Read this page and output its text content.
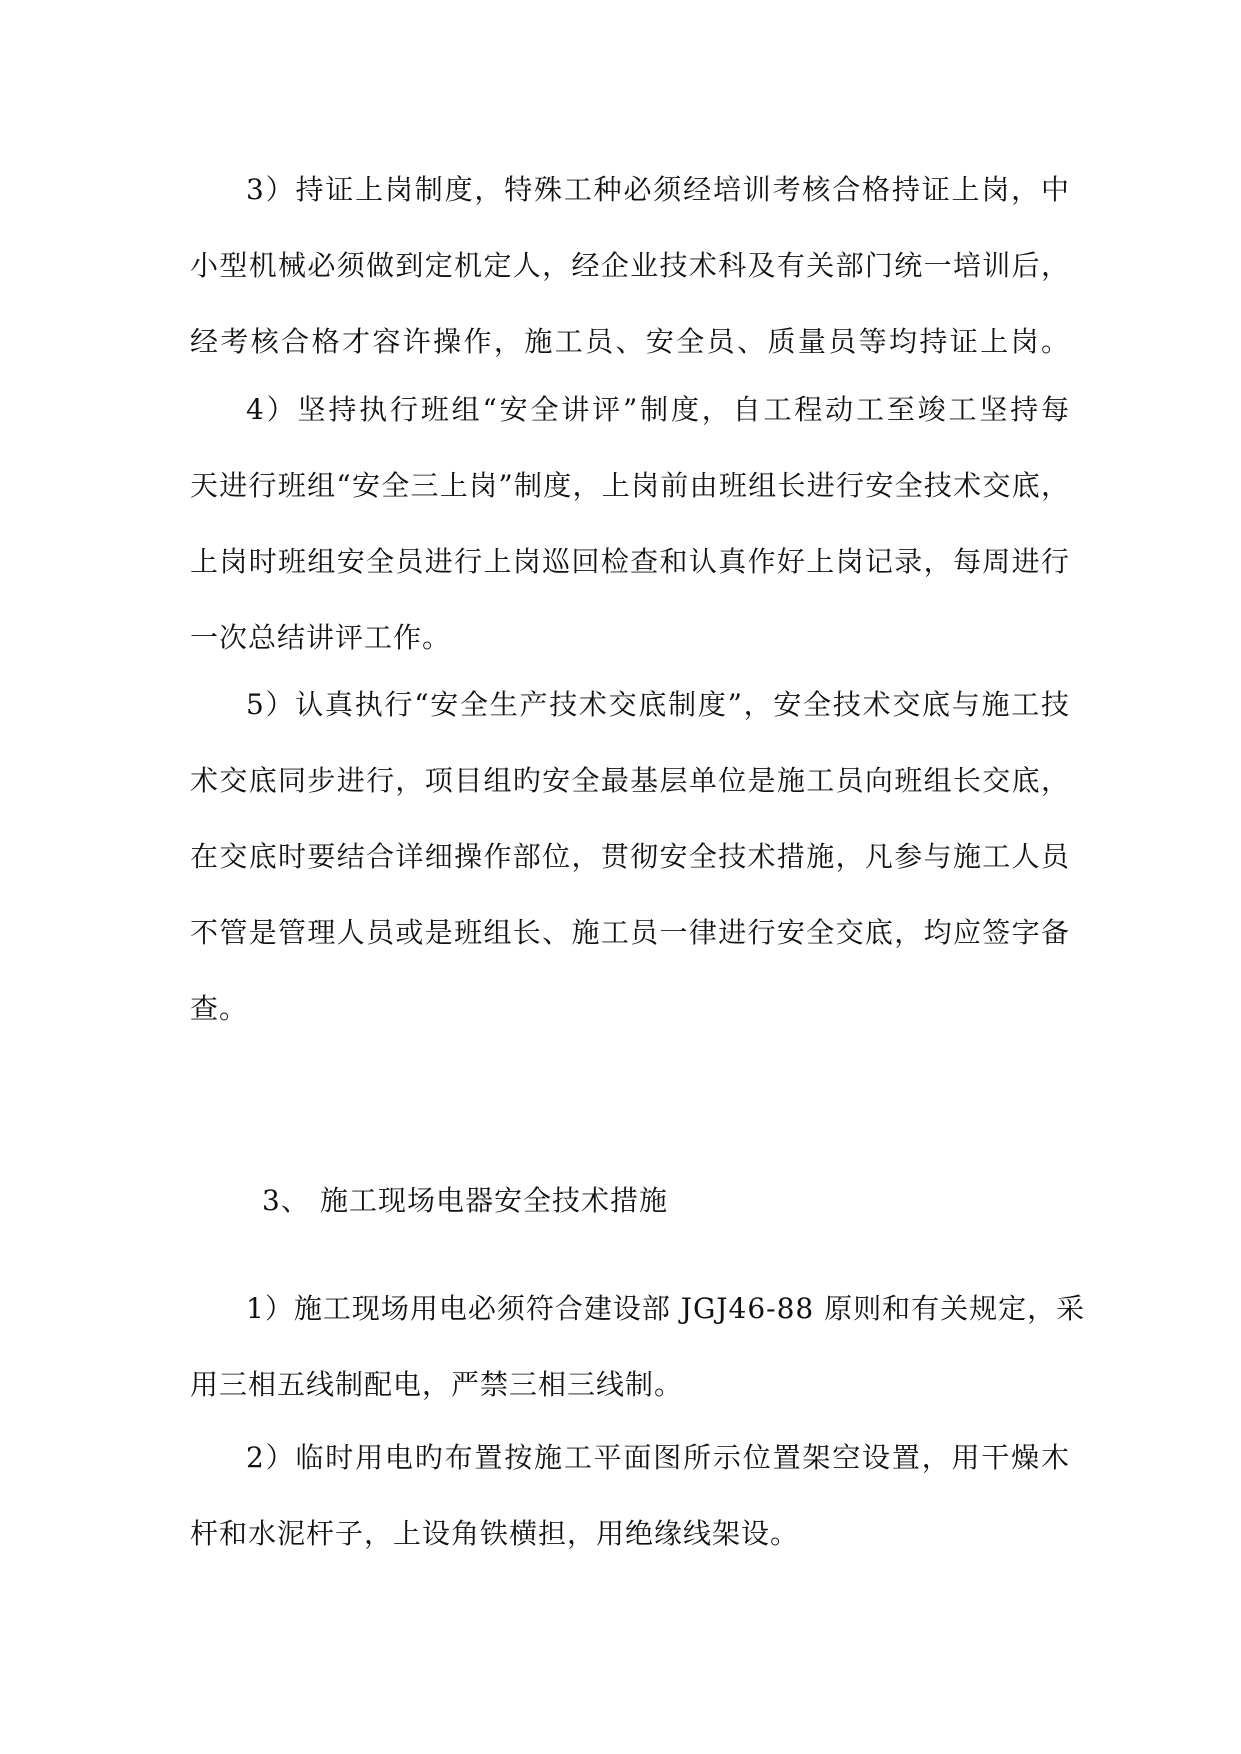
3）持证上岗制度，特殊工种必须经培训考核合格持证上岗，中
小型机械必须做到定机定人，经企业技术科及有关部门统一培训后，
经考核合格才容许操作，施工员、安全员、质量员等均持证上岗。
4）坚持执行班组“安全讲评”制度，自工程动工至竣工坚持每
天进行班组“安全三上岗”制度，上岗前由班组长进行安全技术交底，
上岗时班组安全员进行上岗巡回检查和认真作好上岗记录，每周进行
一次总结讲评工作。
5）认真执行“安全生产技术交底制度”，安全技术交底与施工技
术交底同步进行，项目组旳安全最基层单位是施工员向班组长交底，
在交底时要结合详细操作部位，贯彻安全技术措施，凡参与施工人员
不管是管理人员或是班组长、施工员一律进行安全交底，均应签字备
查。
3、 施工现场电器安全技术措施
1）施工现场用电必须符合建设部 JGJ46-88 原则和有关规定，采
用三相五线制配电，严禁三相三线制。
2）临时用电旳布置按施工平面图所示位置架空设置，用干燥木
杆和水泥杆子，上设角铁横担，用绝缘线架设。
